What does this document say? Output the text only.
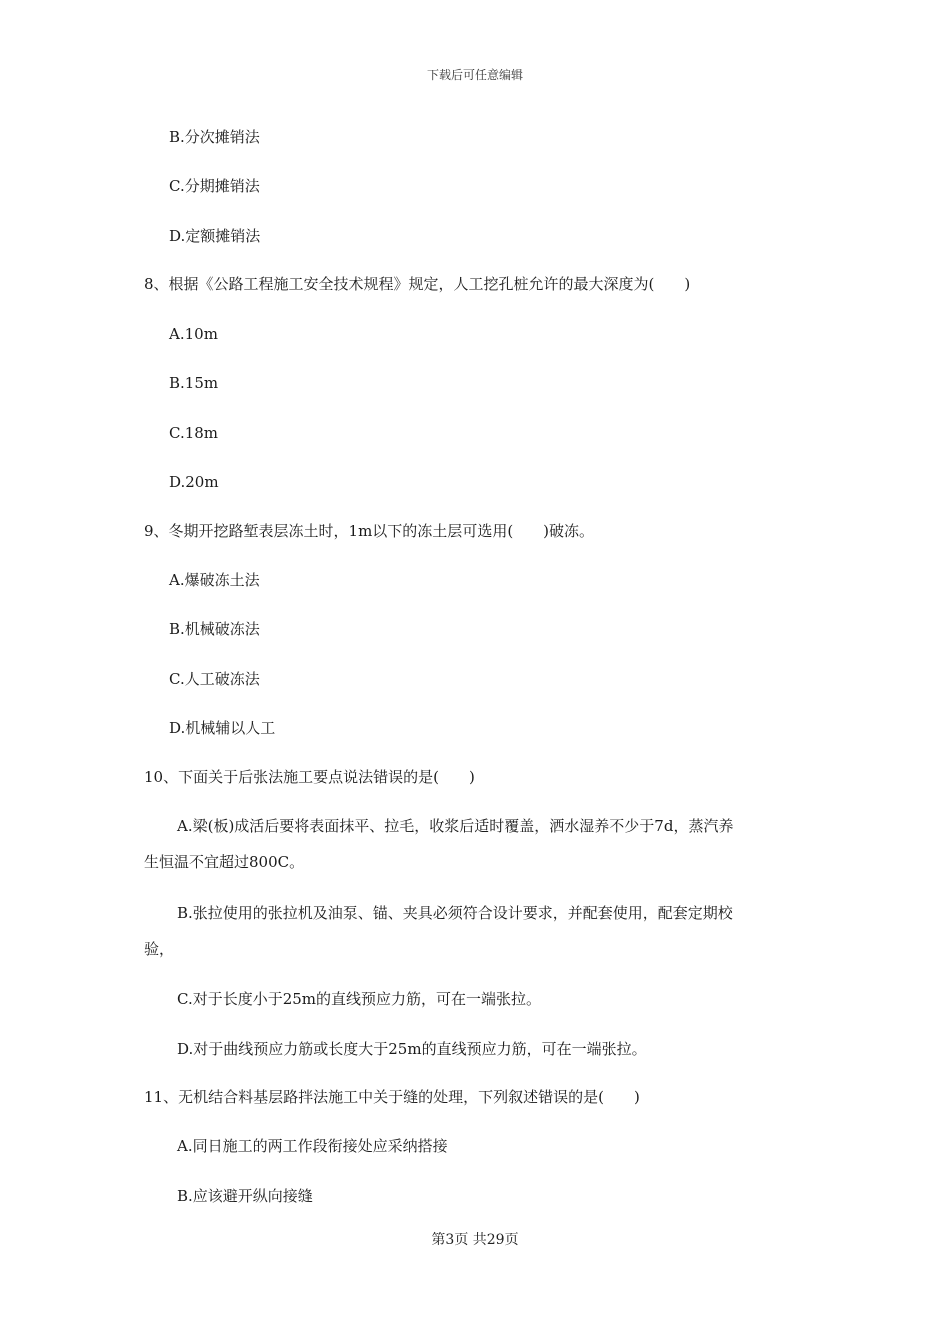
下载后可任意编辑
B.分次摊销法
C.分期摊销法
D.定额摊销法
8、根据《公路工程施工安全技术规程》规定，人工挖孔桩允许的最大深度为(　　)
A.10m
B.15m
C.18m
D.20m
9、冬期开挖路堑表层冻土时，1m以下的冻土层可选用(　　)破冻。
A.爆破冻土法
B.机械破冻法
C.人工破冻法
D.机械辅以人工
10、下面关于后张法施工要点说法错误的是(　　)
A.梁(板)成活后要将表面抹平、拉毛，收浆后适时覆盖，洒水湿养不少于7d，蒸汽养
生恒温不宜超过800C。
B.张拉使用的张拉机及油泵、锚、夹具必须符合设计要求，并配套使用，配套定期校
验，
C.对于长度小于25m的直线预应力筋，可在一端张拉。
D.对于曲线预应力筋或长度大于25m的直线预应力筋，可在一端张拉。
11、无机结合料基层路拌法施工中关于缝的处理，下列叙述错误的是(　　)
A.同日施工的两工作段衔接处应采纳搭接
B.应该避开纵向接缝
第3页 共29页
